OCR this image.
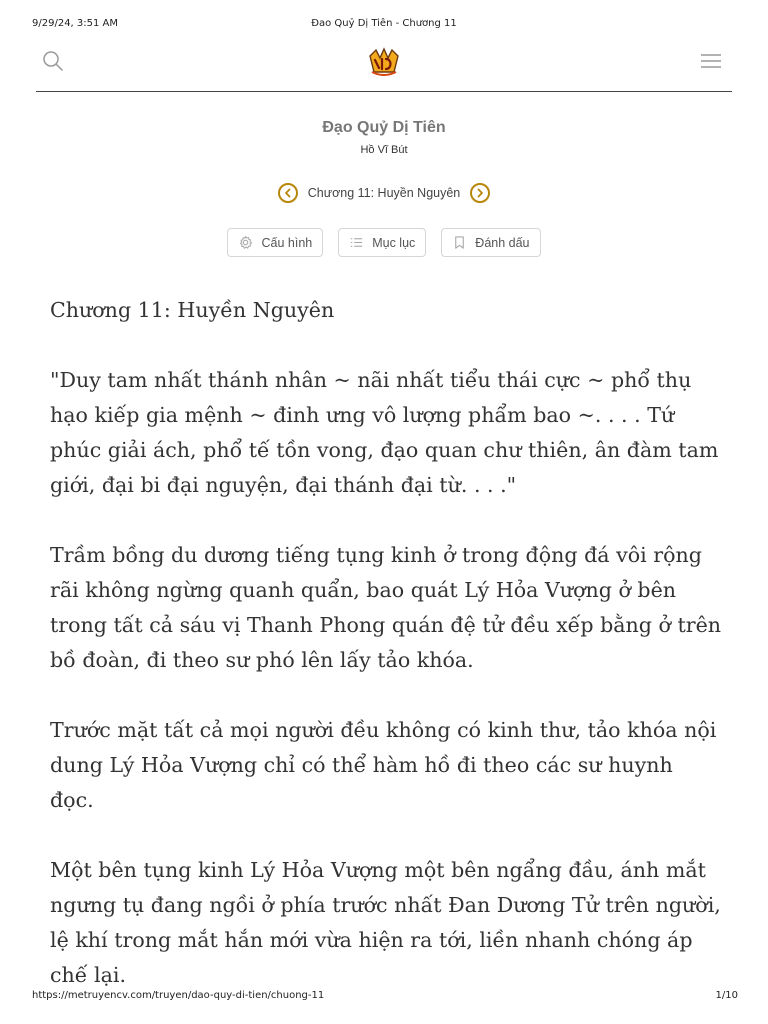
9/29/24, 3:51 AM	Đao Quỷ Dị Tiên - Chương 11
Đạo Quỷ Dị Tiên
Hồ Vĩ Bút
Chương 11: Huyền Nguyên
Cấu hình	Mục lục	Đánh dấu
Chương 11: Huyền Nguyên

"Duy tam nhất thánh nhân ~ nãi nhất tiểu thái cực ~ phổ thụ hạo kiếp gia mệnh ~ đinh ưng vô lượng phẩm bao ~. . . . Tứ phúc giải ách, phổ tế tồn vong, đạo quan chư thiên, ân đàm tam giới, đại bi đại nguyện, đại thánh đại từ. . . ."

Trầm bồng du dương tiếng tụng kinh ở trong động đá vôi rộng rãi không ngừng quanh quẩn, bao quát Lý Hỏa Vượng ở bên trong tất cả sáu vị Thanh Phong quán đệ tử đều xếp bằng ở trên bồ đoàn, đi theo sư phó lên lấy tảo khóa.

Trước mặt tất cả mọi người đều không có kinh thư, tảo khóa nội dung Lý Hỏa Vượng chỉ có thể hàm hồ đi theo các sư huynh đọc.

Một bên tụng kinh Lý Hỏa Vượng một bên ngẩng đầu, ánh mắt ngưng tụ đang ngồi ở phía trước nhất Đan Dương Tử trên người, lệ khí trong mắt hắn mới vừa hiện ra tới, liền nhanh chóng áp chế lại.

https://metruyencv.com/truyen/dao-quy-di-tien/chuong-11	1/10
